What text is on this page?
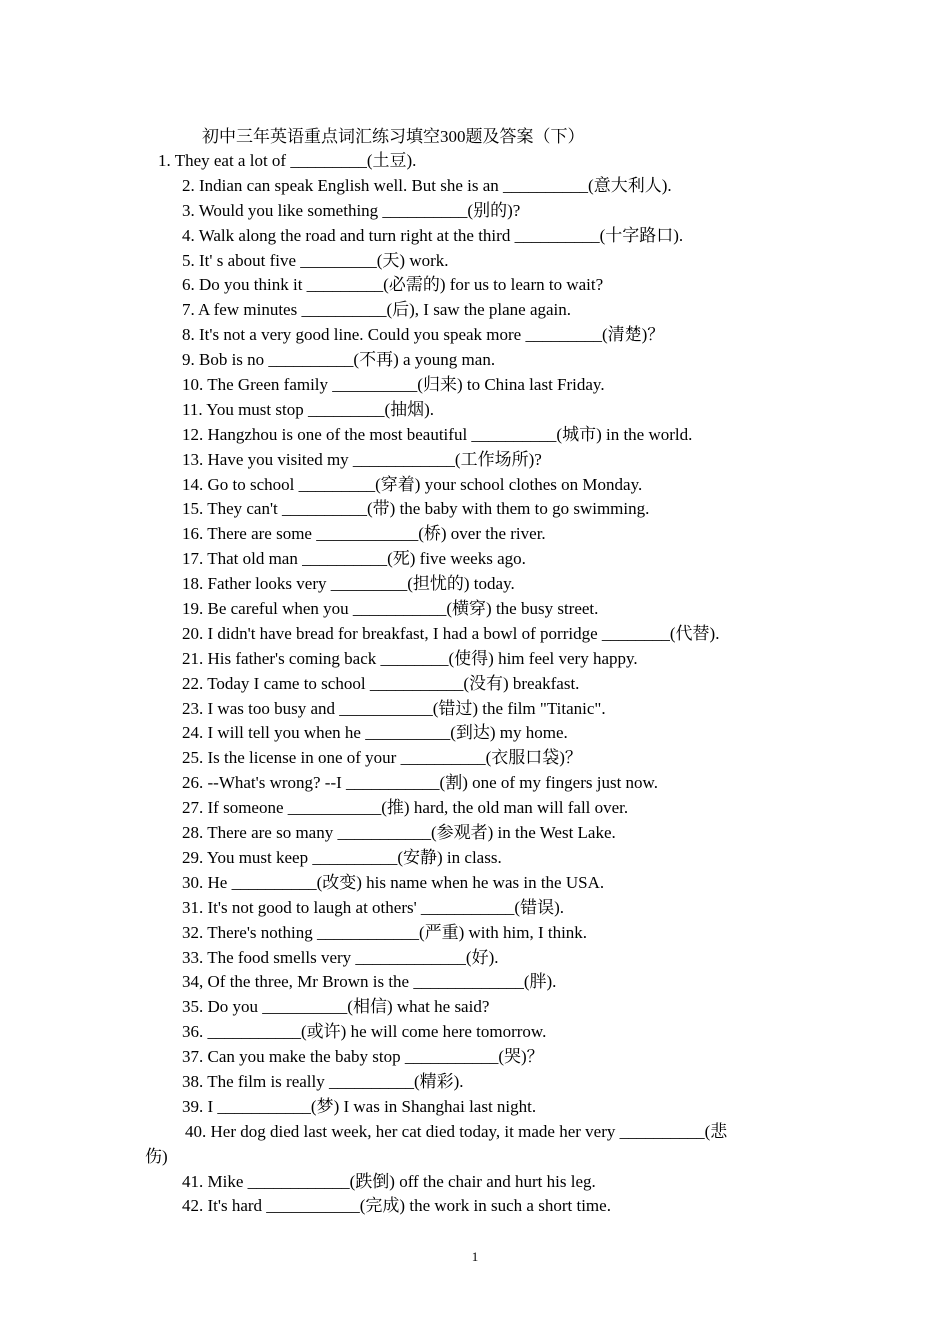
初中三年英语重点词汇练习填空300题及答案（下）
1. They eat a lot of _________(土豆).
2. Indian can speak English well. But she is an __________(意大利人).
3. Would you like something __________(别的)?
4. Walk along the road and turn right at the third __________(十字路口).
5. It' s about five _________(天) work.
6. Do you think it _________(必需的) for us to learn to wait?
7. A few minutes __________(后), I saw the plane again.
8. It's not a very good line. Could you speak more _________(清楚)？
9. Bob is no __________(不再) a young man.
10. The Green family __________(归来) to China last Friday.
11. You must stop _________(抽烟).
12. Hangzhou is one of the most beautiful __________(城市) in the world.
13. Have you visited my ____________(工作场所)?
14. Go to school _________(穿着) your school clothes on Monday.
15. They can't __________(带) the baby with them to go swimming.
16. There are some ____________(桥) over the river.
17. That old man __________(死) five weeks ago.
18. Father looks very _________(担忧的) today.
19. Be careful when you ___________(横穿) the busy street.
20. I didn't have bread for breakfast, I had a bowl of porridge ________(代替).
21. His father's coming back ________(使得) him feel very happy.
22. Today I came to school ___________(没有) breakfast.
23. I was too busy and ___________(错过) the film "Titanic".
24. I will tell you when he __________(到达) my home.
25. Is the license in one of your __________(衣服口袋)？
26. --What's wrong? --I ___________(割) one of my fingers just now.
27. If someone ___________(推) hard, the old man will fall over.
28. There are so many ___________(参观者) in the West Lake.
29. You must keep __________(安静) in class.
30. He __________(改变) his name when he was in the USA.
31. It's not good to laugh at others' ___________(错误).
32. There's nothing ____________(严重) with him, I think.
33. The food smells very _____________(好).
34, Of the three, Mr Brown is the _____________(胖).
35. Do you __________(相信) what he said?
36. ___________(或许) he will come here tomorrow.
37. Can you make the baby stop ___________(哭)？
38. The film is really __________(精彩).
39. I ___________(梦) I was in Shanghai last night.
40. Her dog died last week, her cat died today, it made her very __________(悲
伤)
41. Mike ____________(跌倒) off the chair and hurt his leg.
42. It's hard ___________(完成) the work in such a short time.
1
